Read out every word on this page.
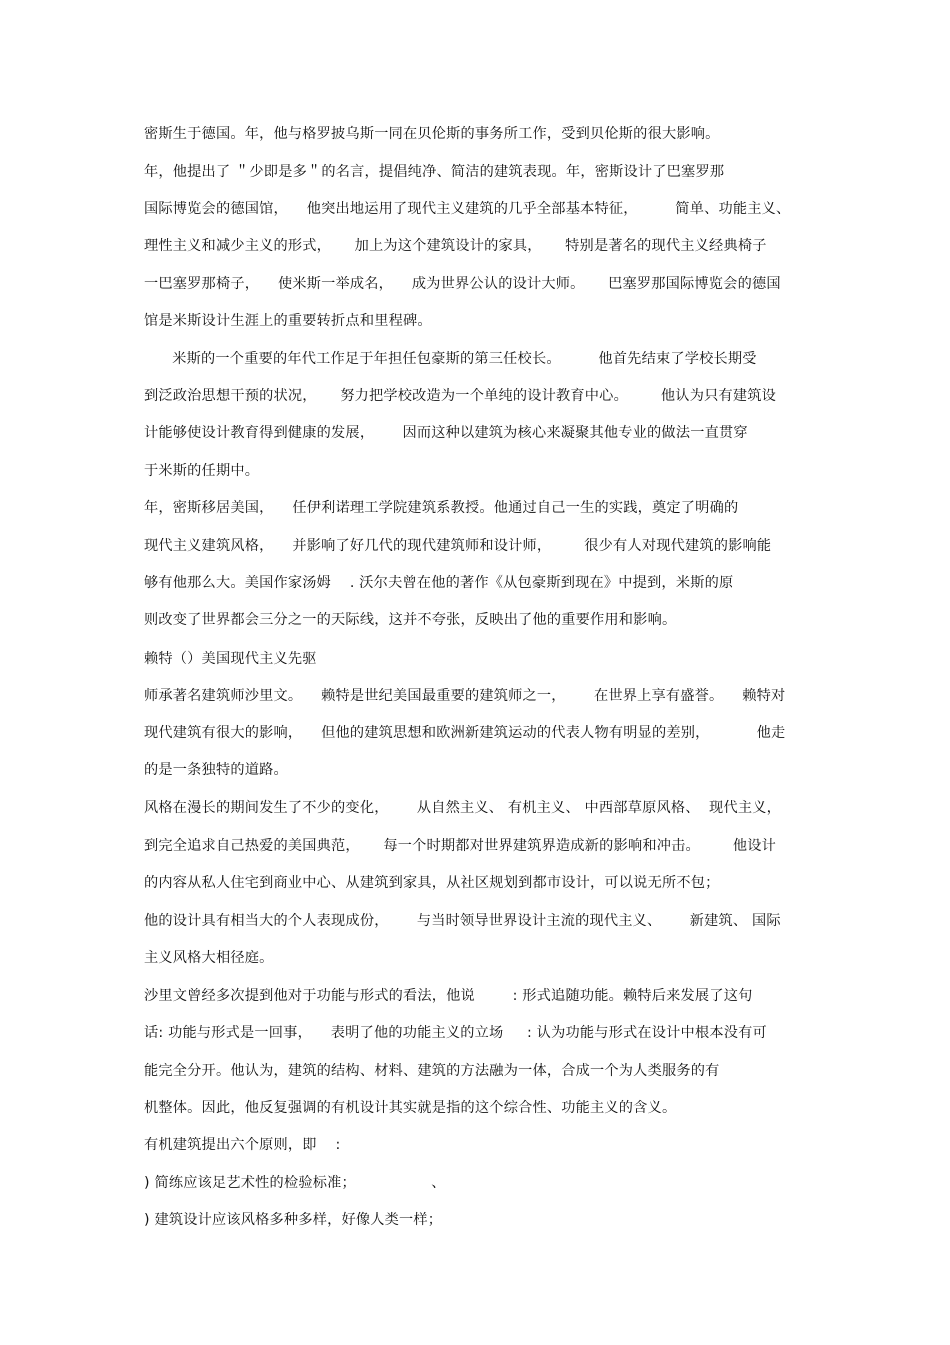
密斯生于德国。年，他与格罗披乌斯一同在贝伦斯的事务所工作，受到贝伦斯的很大影响。
年，他提出了 ＂少即是多＂的名言，提倡纯净、简洁的建筑表现。年，密斯设计了巴塞罗那
国际博览会的德国馆，    他突出地运用了现代主义建筑的几乎全部基本特征，        简单、功能主义、
理性主义和减少主义的形式，     加上为这个建筑设计的家具，     特别是著名的现代主义经典椅子
一巴塞罗那椅子，    使米斯一举成名，    成为世界公认的设计大师。     巴塞罗那国际博览会的德国
馆是米斯设计生涯上的重要转折点和里程碑。
米斯的一个重要的年代工作足于年担任包豪斯的第三任校长。        他首先结束了学校长期受
到泛政治思想干预的状况，     努力把学校改造为一个单纯的设计教育中心。       他认为只有建筑设
计能够使设计教育得到健康的发展，      因而这种以建筑为核心来凝聚其他专业的做法一直贯穿
于米斯的任期中。
年，密斯移居美国，    任伊利诺理工学院建筑系教授。他通过自己一生的实践，奠定了明确的
现代主义建筑风格，    并影响了好几代的现代建筑师和设计师，       很少有人对现代建筑的影响能
够有他那么大。美国作家汤姆    . 沃尔夫曾在他的著作《从包豪斯到现在》中提到，米斯的原
则改变了世界都会三分之一的天际线，这并不夸张，反映出了他的重要作用和影响。
赖特（）美国现代主义先驱
师承著名建筑师沙里文。    赖特是世纪美国最重要的建筑师之一，      在世界上享有盛誉。    赖特对
现代建筑有很大的影响，    但他的建筑思想和欧洲新建筑运动的代表人物有明显的差别，          他走
的是一条独特的道路。
风格在漫长的期间发生了不少的变化，      从自然主义、 有机主义、 中西部草原风格、  现代主义，
到完全追求自己热爱的美国典范，     每一个时期都对世界建筑界造成新的影响和冲击。       他设计
的内容从私人住宅到商业中心、从建筑到家具，从社区规划到都市设计，可以说无所不包；
他的设计具有相当大的个人表现成份，      与当时领导世界设计主流的现代主义、      新建筑、 国际
主义风格大相径庭。
沙里文曾经多次提到他对于功能与形式的看法，他说        : 形式追随功能。赖特后来发展了这句
话: 功能与形式是一回事，    表明了他的功能主义的立场     : 认为功能与形式在设计中根本没有可
能完全分开。他认为，建筑的结构、材料、建筑的方法融为一体，合成一个为人类服务的有
机整体。因此，他反复强调的有机设计其实就是指的这个综合性、功能主义的含义。
有机建筑提出六个原则，即    :
) 简练应该足艺术性的检验标准；                、
) 建筑设计应该风格多种多样，好像人类一样；
